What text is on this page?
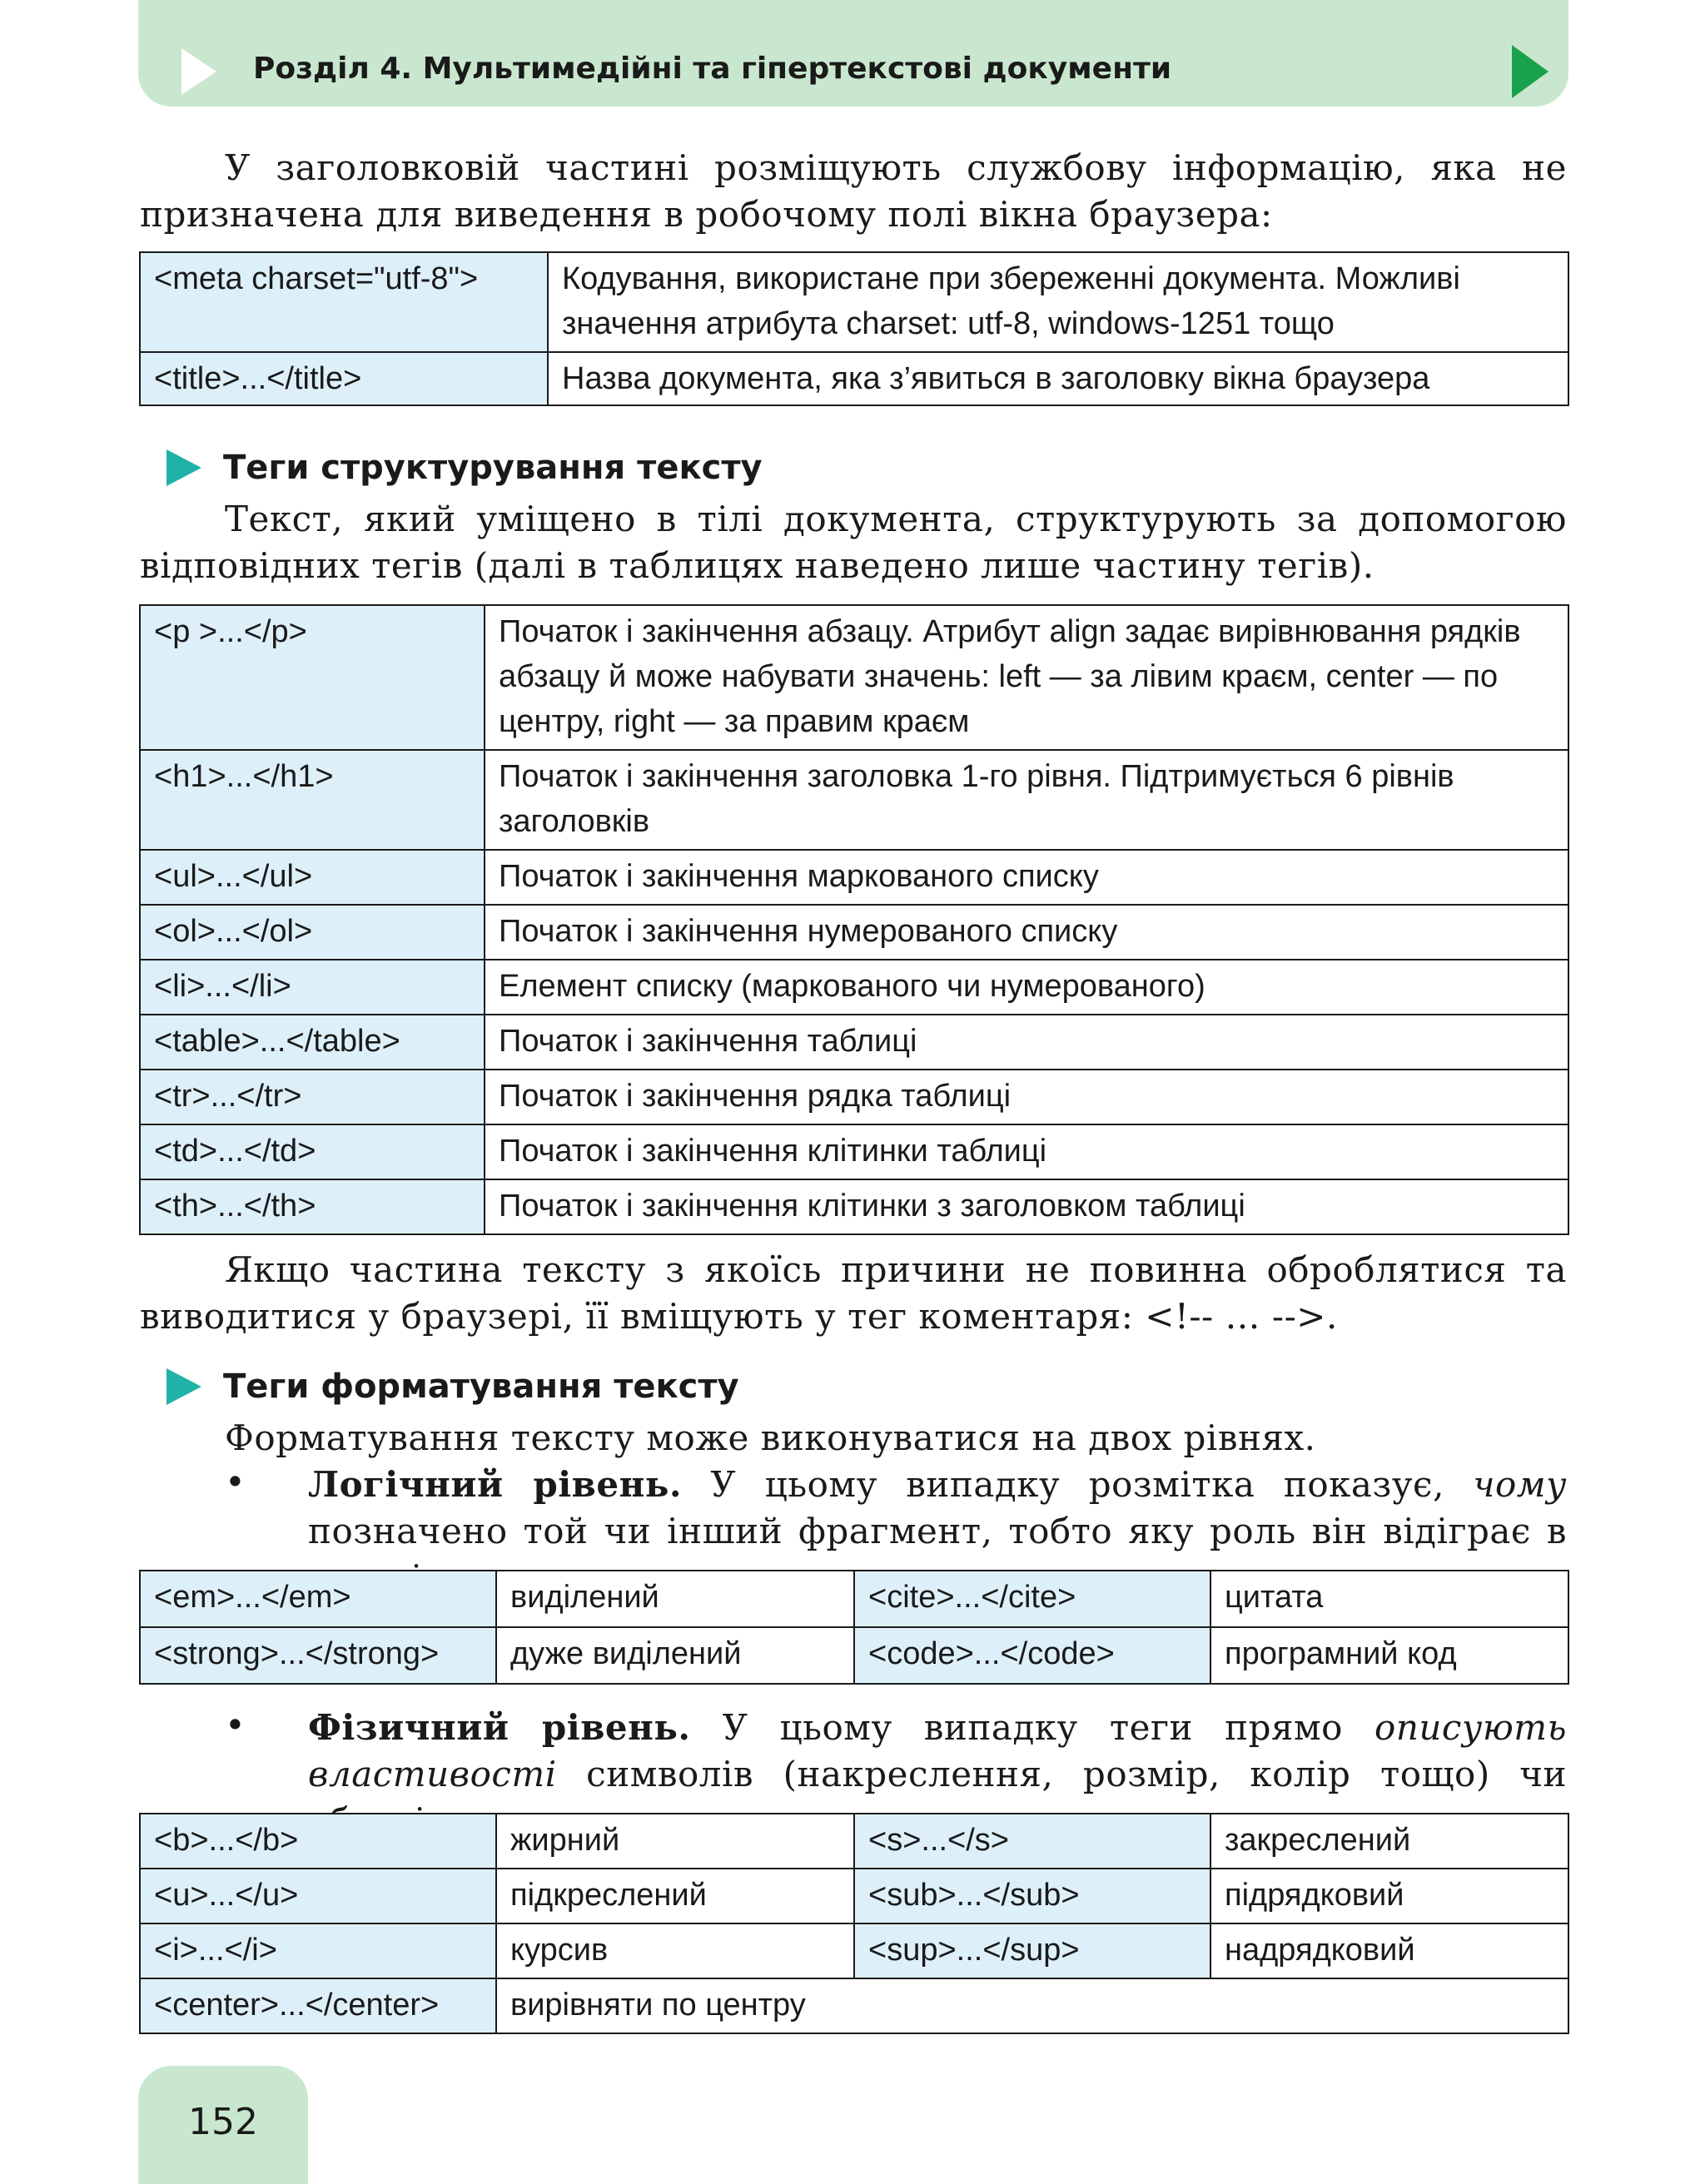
Розділ 4. Мультимедійні та гіпертекстові документи
У заголовковій частині розміщують службову інформацію, яка не призначена для виведення в робочому полі вікна браузера:
<meta charset="utf-8">	Кодування, використане при збереженні документа. Можливі значення атрибута charset: utf-8, windows-1251 тощо
<title>...</title>	Назва документа, яка з’явиться в заголовку вікна браузера
Теги структурування тексту
Текст, який уміщено в тілі документа, структурують за допомогою відповідних тегів (далі в таблицях наведено лише частину тегів).
<p >...</p>	Початок і закінчення абзацу. Атрибут align задає вирівнювання рядків абзацу й може набувати значень: left — за лівим краєм, center — по центру, right — за правим краєм
<h1>...</h1>	Початок і закінчення заголовка 1-го рівня. Підтримується 6 рівнів заголовків
<ul>...</ul>	Початок і закінчення маркованого списку
<ol>...</ol>	Початок і закінчення нумерованого списку
<li>...</li>	Елемент списку (маркованого чи нумерованого)
<table>...</table>	Початок і закінчення таблиці
<tr>...</tr>	Початок і закінчення рядка таблиці
<td>...</td>	Початок і закінчення клітинки таблиці
<th>...</th>	Початок і закінчення клітинки з заголовком таблиці
Якщо частина тексту з якоїсь причини не повинна оброблятися та виводитися у браузері, її вміщують у тег коментаря: <!-- … -->.
Теги форматування тексту
Форматування тексту може виконуватися на двох рівнях.
• Логічний рівень. У цьому випадку розмітка показує, чому позначено той чи інший фрагмент, тобто яку роль він відіграє в
<em>...</em>	виділений	<cite>...</cite>	цитата
<strong>...</strong>	дуже виділений	<code>...</code>	програмний код
• Фізичний рівень. У цьому випадку теги прямо описують властивості символів (накреслення, розмір, колір тощо) чи
<b>...</b>	жирний	<s>...</s>	закреслений
<u>...</u>	підкреслений	<sub>...</sub>	підрядковий
<i>...</i>	курсив	<sup>...</sup>	надрядковий
<center>...</center>	вирівняти по центру		
152
